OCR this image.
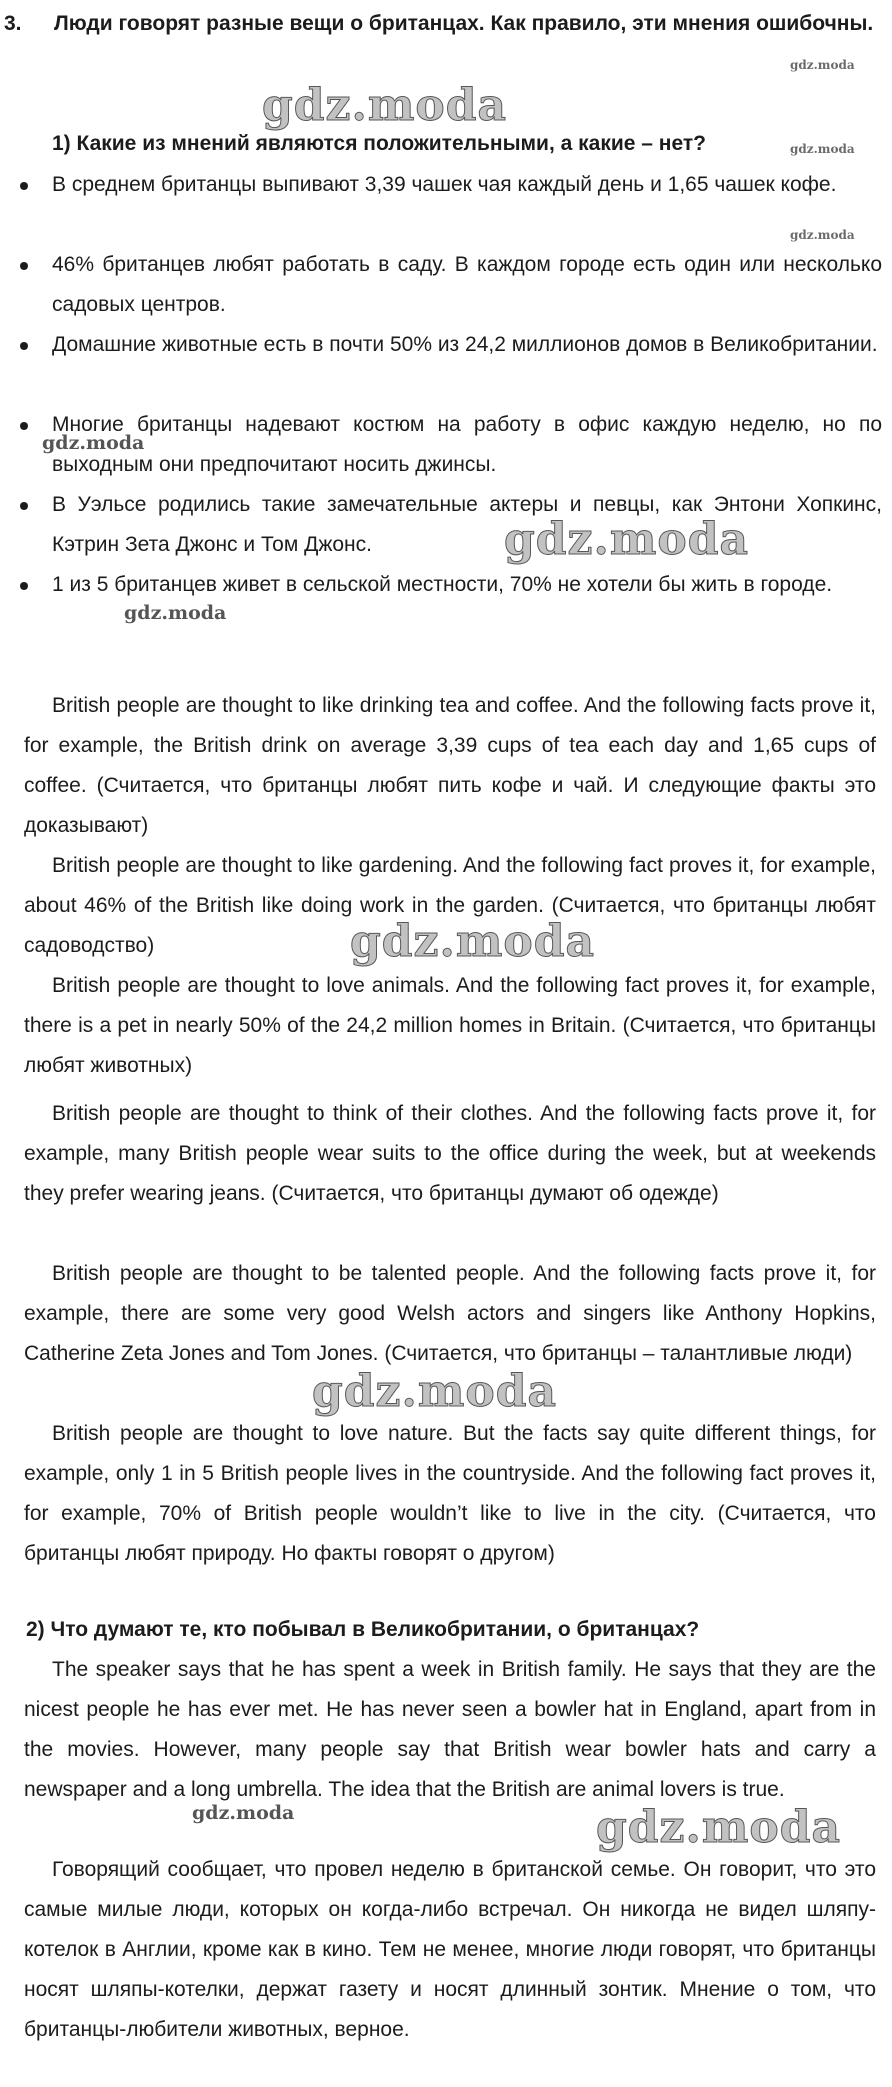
3. Люди говорят разные вещи о британцах. Как правило, эти мнения ошибочны.
1) Какие из мнений являются положительными, а какие – нет?
В среднем британцы выпивают 3,39 чашек чая каждый день и 1,65 чашек кофе.
46% британцев любят работать в саду. В каждом городе есть один или несколько садовых центров.
Домашние животные есть в почти 50% из 24,2 миллионов домов в Великобритании.
Многие британцы надевают костюм на работу в офис каждую неделю, но по выходным они предпочитают носить джинсы.
В Уэльсе родились такие замечательные актеры и певцы, как Энтони Хопкинс, Кэтрин Зета Джонс и Том Джонс.
1 из 5 британцев живет в сельской местности, 70% не хотели бы жить в городе.

British people are thought to like drinking tea and coffee. And the following facts prove it, for example, the British drink on average 3,39 cups of tea each day and 1,65 cups of coffee. (Считается, что британцы любят пить кофе и чай. И следующие факты это доказывают)

British people are thought to like gardening. And the following fact proves it, for example, about 46% of the British like doing work in the garden. (Считается, что британцы любят садоводство)

British people are thought to love animals. And the following fact proves it, for example, there is a pet in nearly 50% of the 24,2 million homes in Britain. (Считается, что британцы любят животных)

British people are thought to think of their clothes. And the following facts prove it, for example, many British people wear suits to the office during the week, but at weekends they prefer wearing jeans. (Считается, что британцы думают об одежде)

British people are thought to be talented people. And the following facts prove it, for example, there are some very good Welsh actors and singers like Anthony Hopkins, Catherine Zeta Jones and Tom Jones. (Считается, что британцы – талантливые люди)

British people are thought to love nature. But the facts say quite different things, for example, only 1 in 5 British people lives in the countryside. And the following fact proves it, for example, 70% of British people wouldn’t like to live in the city. (Считается, что британцы любят природу. Но факты говорят о другом)

2) Что думают те, кто побывал в Великобритании, о британцах?

The speaker says that he has spent a week in British family. He says that they are the nicest people he has ever met. He has never seen a bowler hat in England, apart from in the movies. However, many people say that British wear bowler hats and carry a newspaper and a long umbrella. The idea that the British are animal lovers is true.

Говорящий сообщает, что провел неделю в британской семье. Он говорит, что это самые милые люди, которых он когда-либо встречал. Он никогда не видел шляпу-котелок в Англии, кроме как в кино. Тем не менее, многие люди говорят, что британцы носят шляпы-котелки, держат газету и носят длинный зонтик. Мнение о том, что британцы-любители животных, верное.

gdz.moda
gdz.moda
gdz.moda
gdz.moda
gdz.moda
gdz.moda
gdz.moda
gdz.moda
gdz.moda
gdz.moda	gdz.moda
